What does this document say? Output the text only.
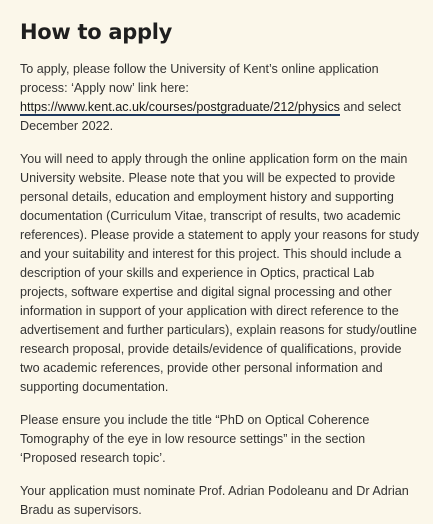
How to apply

To apply, please follow the University of Kent’s online application process: ‘Apply now’ link here: https://www.kent.ac.uk/courses/postgraduate/212/physics and select December 2022.

You will need to apply through the online application form on the main University website. Please note that you will be expected to provide personal details, education and employment history and supporting documentation (Curriculum Vitae, transcript of results, two academic references). Please provide a statement to apply your reasons for study and your suitability and interest for this project. This should include a description of your skills and experience in Optics, practical Lab projects, software expertise and digital signal processing and other information in support of your application with direct reference to the advertisement and further particulars), explain reasons for study/outline research proposal, provide details/evidence of qualifications, provide two academic references, provide other personal information and supporting documentation.

Please ensure you include the title “PhD on Optical Coherence Tomography of the eye in low resource settings” in the section ‘Proposed research topic’.

Your application must nominate Prof. Adrian Podoleanu and Dr Adrian Bradu as supervisors.
